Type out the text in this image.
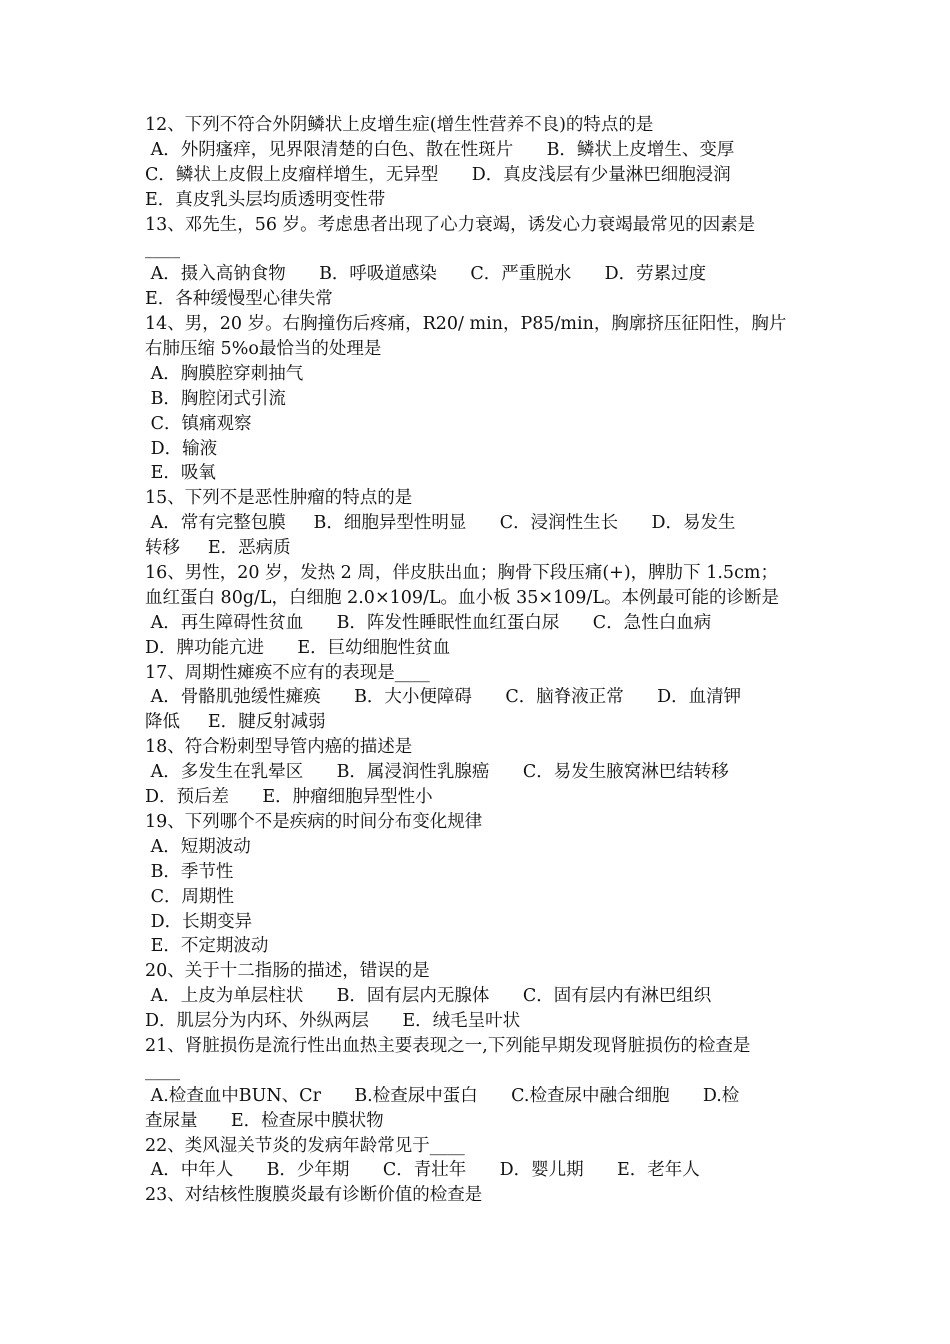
12、下列不符合外阴鳞状上皮增生症(增生性营养不良)的特点的是
A．外阴瘙痒，见界限清楚的白色、散在性斑片      B．鳞状上皮增生、变厚
C．鳞状上皮假上皮瘤样增生，无异型      D．真皮浅层有少量淋巴细胞浸润
E．真皮乳头层均质透明变性带
13、邓先生，56 岁。考虑患者出现了心力衰竭，诱发心力衰竭最常见的因素是
____
A．摄入高钠食物      B．呼吸道感染      C．严重脱水      D．劳累过度
E．各种缓慢型心律失常
14、男，20 岁。右胸撞伤后疼痛，R20/ min，P85/min，胸廓挤压征阳性，胸片
右肺压缩 5%o最恰当的处理是
A．胸膜腔穿刺抽气
B．胸腔闭式引流
C．镇痛观察
D．输液
E．吸氧
15、下列不是恶性肿瘤的特点的是
A．常有完整包膜     B．细胞异型性明显      C．浸润性生长      D．易发生
转移     E．恶病质
16、男性，20 岁，发热 2 周，伴皮肤出血；胸骨下段压痛(+)，脾肋下 1.5cm；
血红蛋白 80g/L，白细胞 2.0×109/L。血小板 35×109/L。本例最可能的诊断是
A．再生障碍性贫血      B．阵发性睡眠性血红蛋白尿      C．急性白血病
D．脾功能亢进      E．巨幼细胞性贫血
17、周期性瘫痪不应有的表现是____
A．骨骼肌弛缓性瘫痪      B．大小便障碍      C．脑脊液正常      D．血清钾
降低     E．腱反射减弱
18、符合粉刺型导管内癌的描述是
A．多发生在乳晕区      B．属浸润性乳腺癌      C．易发生腋窝淋巴结转移
D．预后差      E．肿瘤细胞异型性小
19、下列哪个不是疾病的时间分布变化规律
A．短期波动
B．季节性
C．周期性
D．长期变异
E．不定期波动
20、关于十二指肠的描述，错误的是
A．上皮为单层柱状      B．固有层内无腺体      C．固有层内有淋巴组织
D．肌层分为内环、外纵两层      E．绒毛呈叶状
21、肾脏损伤是流行性出血热主要表现之一,下列能早期发现肾脏损伤的检查是
____
A.检查血中BUN、Cr      B.检查尿中蛋白      C.检查尿中融合细胞      D.检
查尿量      E．检查尿中膜状物
22、类风湿关节炎的发病年龄常见于____
A．中年人      B．少年期      C．青壮年      D．婴儿期      E．老年人
23、对结核性腹膜炎最有诊断价值的检查是
